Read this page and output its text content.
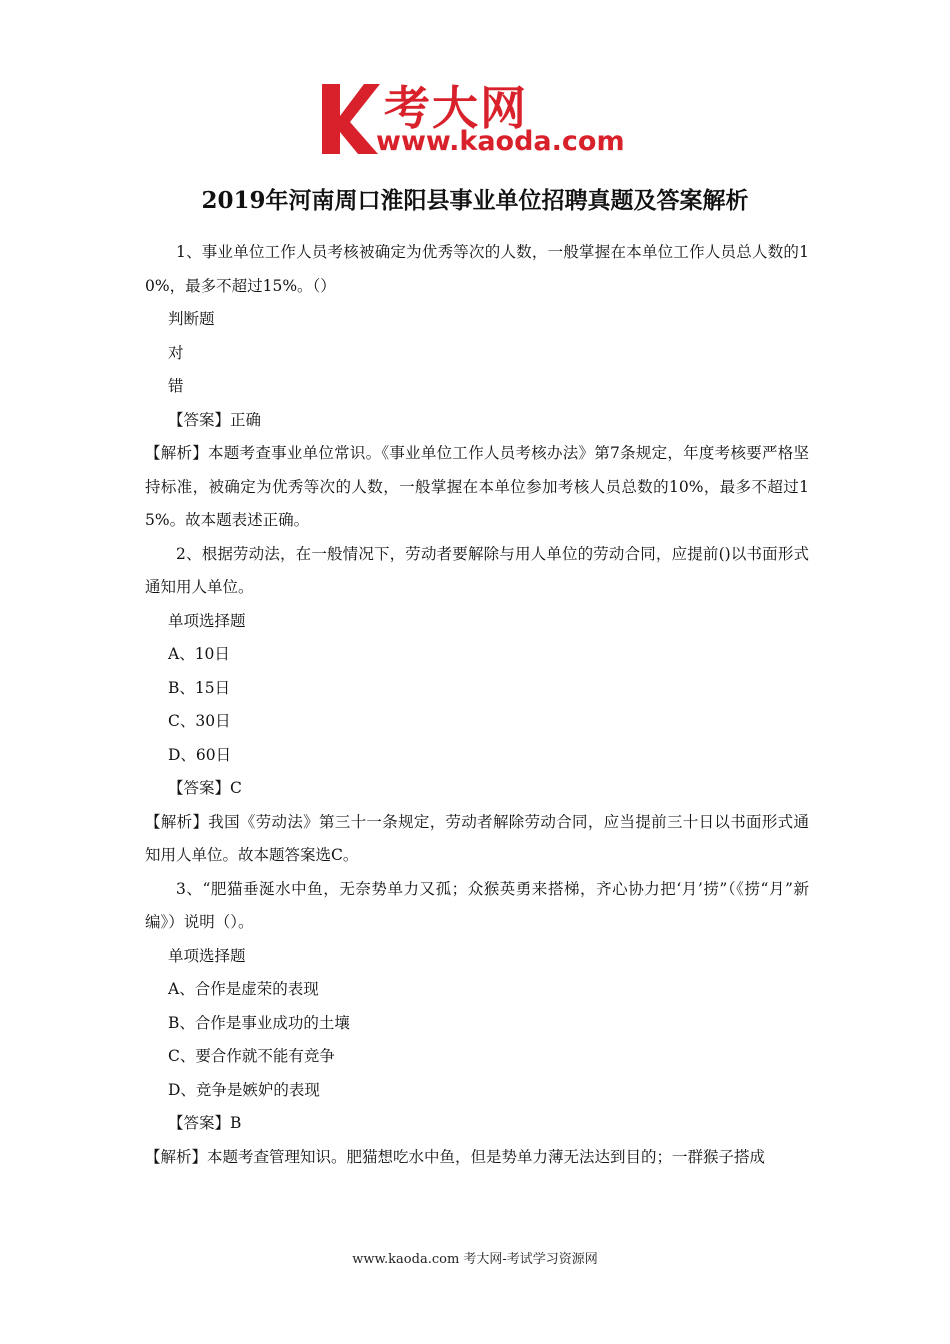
考大网
www.kaoda.com
2019年河南周口淮阳县事业单位招聘真题及答案解析

1、事业单位工作人员考核被确定为优秀等次的人数，一般掌握在本单位工作人员总人数的10%，最多不超过15%。（）

判断题

对

错

【答案】正确

【解析】本题考查事业单位常识。《事业单位工作人员考核办法》第7条规定，年度考核要严格坚持标准，被确定为优秀等次的人数，一般掌握在本单位参加考核人员总数的10%，最多不超过15%。故本题表述正确。

2、根据劳动法，在一般情况下，劳动者要解除与用人单位的劳动合同，应提前()以书面形式通知用人单位。

单项选择题

A、10日

B、15日

C、30日

D、60日

【答案】C

【解析】我国《劳动法》第三十一条规定，劳动者解除劳动合同，应当提前三十日以书面形式通知用人单位。故本题答案选C。

3、“肥猫垂涎水中鱼，无奈势单力又孤；众猴英勇来搭梯，齐心协力把‘月’捞”（《捞“月”新编》）说明（）。

单项选择题

A、合作是虚荣的表现

B、合作是事业成功的土壤

C、要合作就不能有竞争

D、竞争是嫉妒的表现

【答案】B

【解析】本题考查管理知识。肥猫想吃水中鱼，但是势单力薄无法达到目的；一群猴子搭成

www.kaoda.com 考大网-考试学习资源网
